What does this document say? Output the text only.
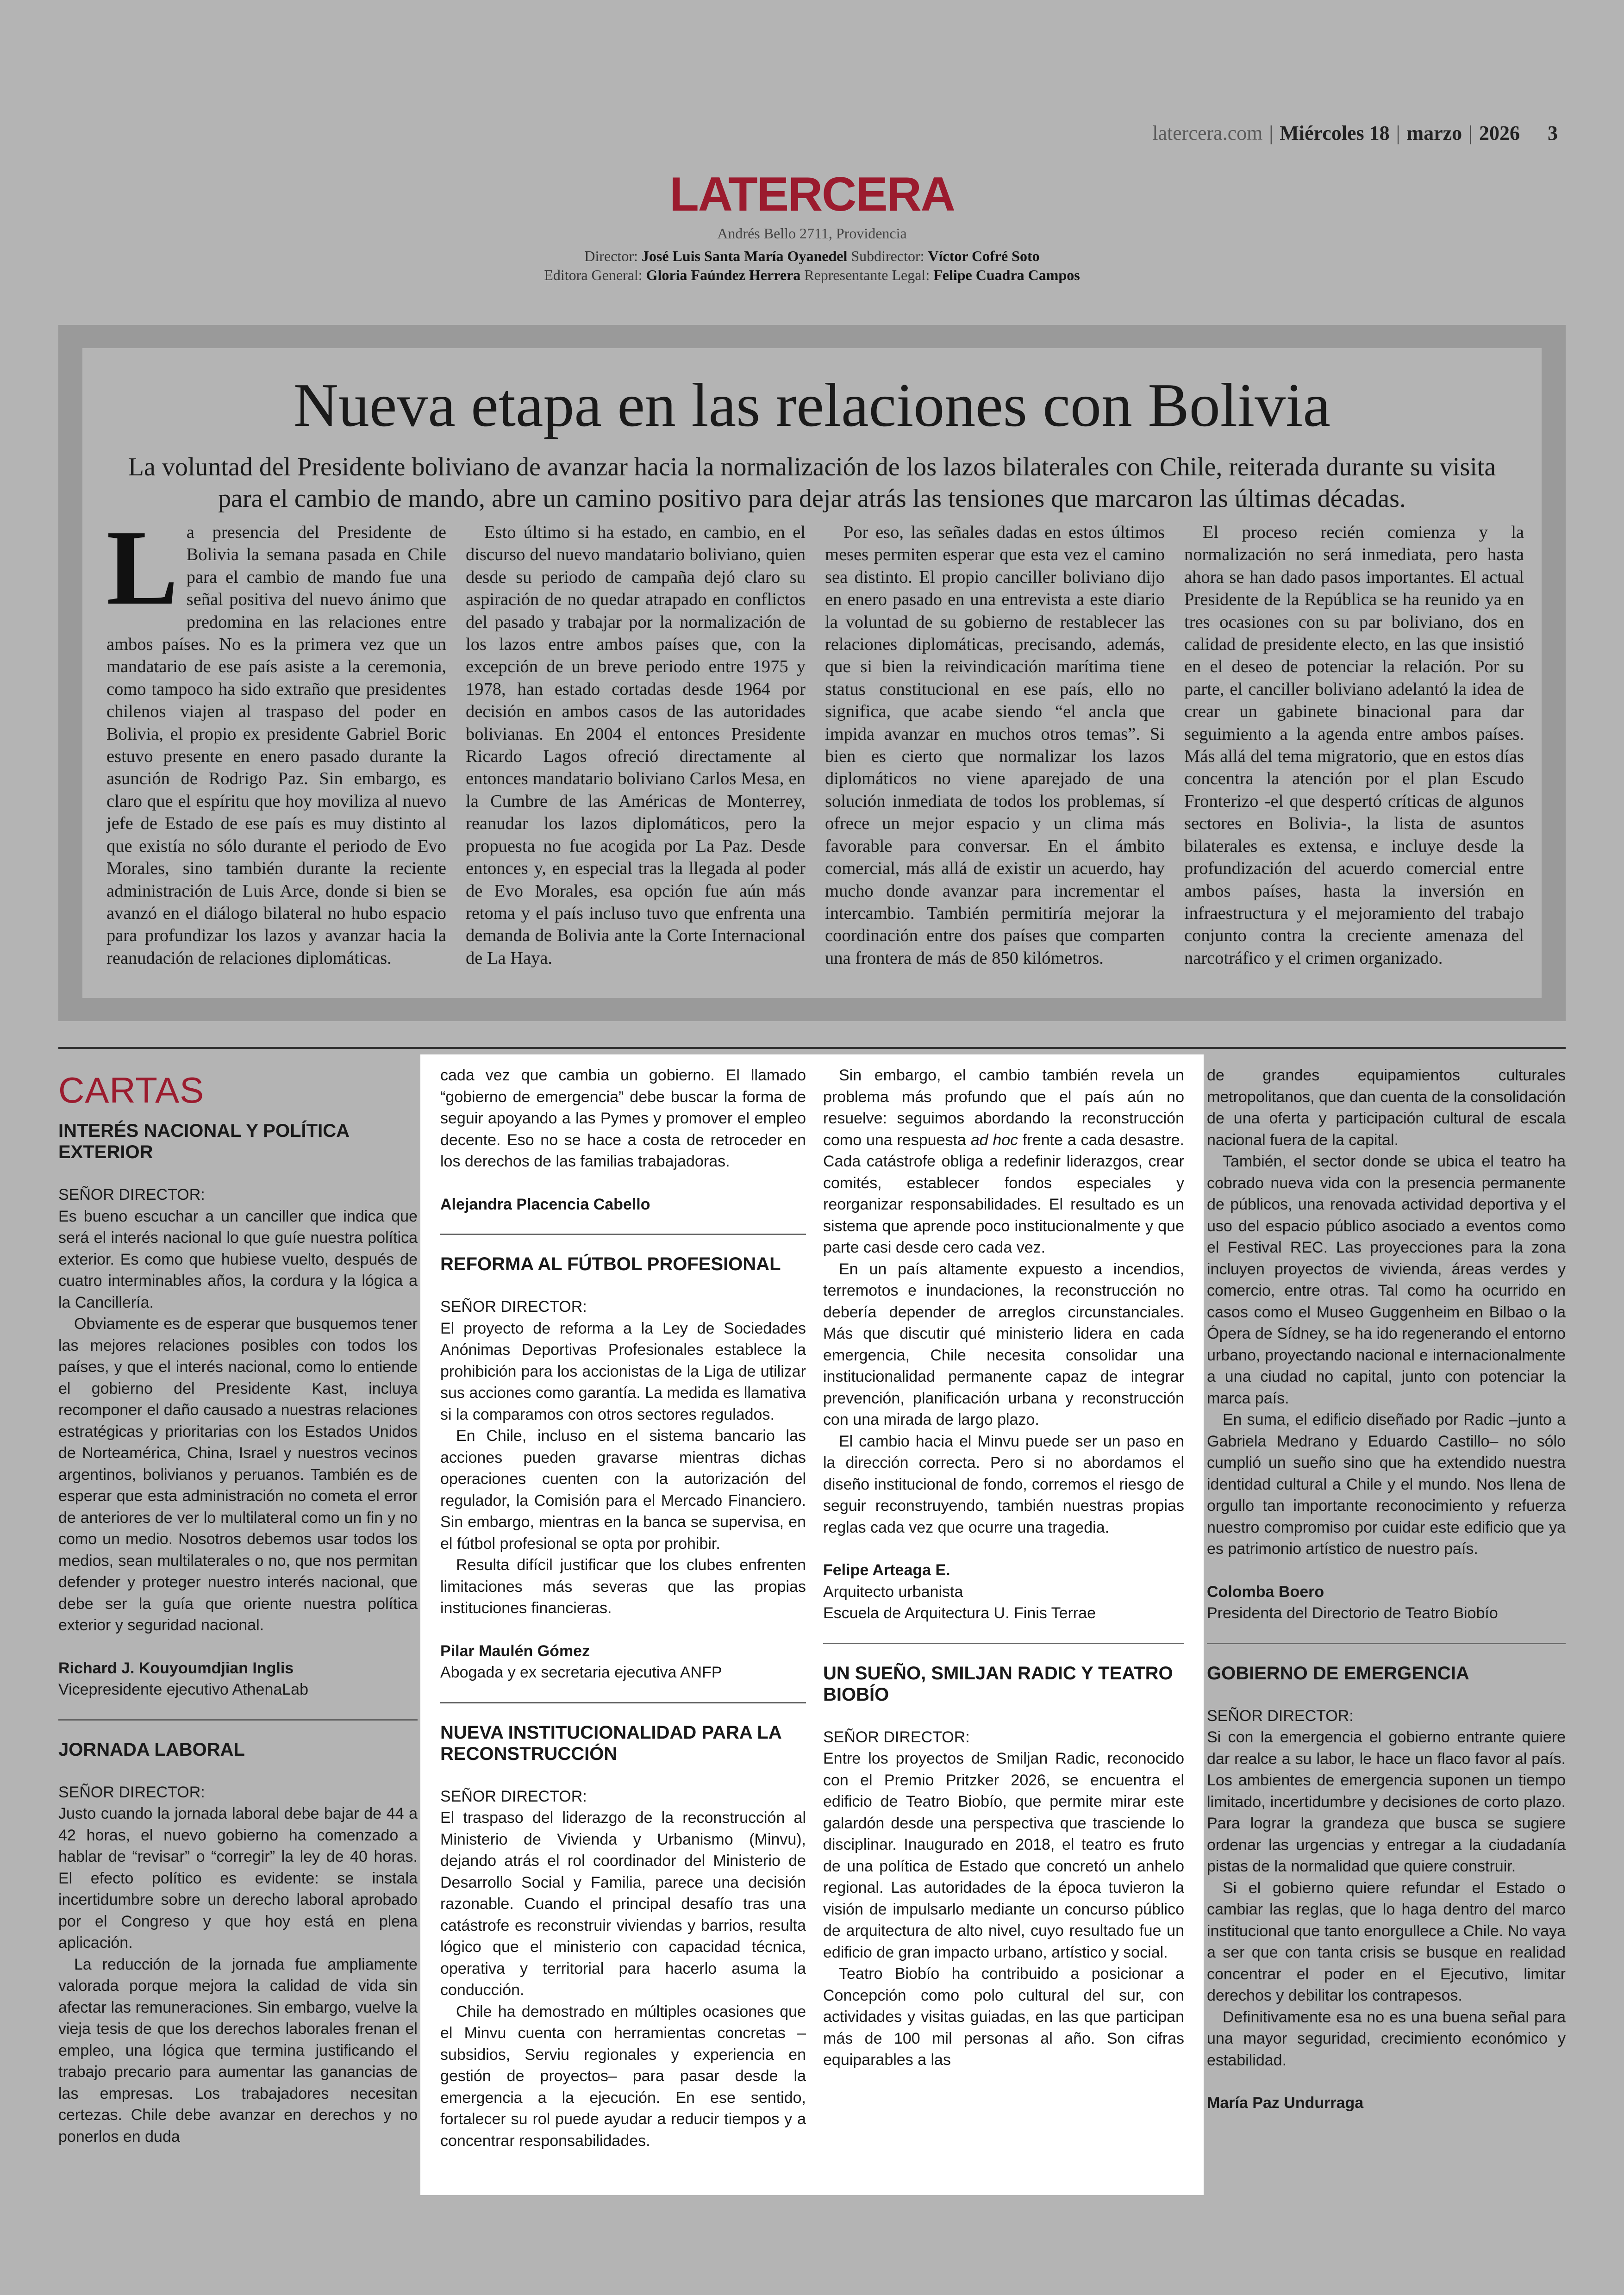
latercera.com | Miércoles 18 | marzo | 2026 3
LATERCERA
Andrés Bello 2711, Providencia
Director: José Luis Santa María Oyanedel Subdirector: Víctor Cofré Soto
Editora General: Gloria Faúndez Herrera Representante Legal: Felipe Cuadra Campos
Nueva etapa en las relaciones con Bolivia
La voluntad del Presidente boliviano de avanzar hacia la normalización de los lazos bilaterales con Chile, reiterada durante su visita para el cambio de mando, abre un camino positivo para dejar atrás las tensiones que marcaron las últimas décadas.

La presencia del Presidente de Bolivia la semana pasada en Chile para el cambio de mando fue una señal positiva del nuevo ánimo que predomina en las relaciones entre ambos países. No es la primera vez que un mandatario de ese país asiste a la ceremonia, como tampoco ha sido extraño que presidentes chilenos viajen al traspaso del poder en Bolivia, el propio ex presidente Gabriel Boric estuvo presente en enero pasado durante la asunción de Rodrigo Paz. Sin embargo, es claro que el espíritu que hoy moviliza al nuevo jefe de Estado de ese país es muy distinto al que existía no sólo durante el periodo de Evo Morales, sino también durante la reciente administración de Luis Arce, donde si bien se avanzó en el diálogo bilateral no hubo espacio para profundizar los lazos y avanzar hacia la reanudación de relaciones diplomáticas.

Esto último si ha estado, en cambio, en el discurso del nuevo mandatario boliviano, quien desde su periodo de campaña dejó claro su aspiración de no quedar atrapado en conflictos del pasado y trabajar por la normalización de los lazos entre ambos países que, con la excepción de un breve periodo entre 1975 y 1978, han estado cortadas desde 1964 por decisión en ambos casos de las autoridades bolivianas. En 2004 el entonces Presidente Ricardo Lagos ofreció directamente al entonces mandatario boliviano Carlos Mesa, en la Cumbre de las Américas de Monterrey, reanudar los lazos diplomáticos, pero la propuesta no fue acogida por La Paz. Desde entonces y, en especial tras la llegada al poder de Evo Morales, esa opción fue aún más retoma y el país incluso tuvo que enfrenta una demanda de Bolivia ante la Corte Internacional de La Haya.

Por eso, las señales dadas en estos últimos meses permiten esperar que esta vez el camino sea distinto. El propio canciller boliviano dijo en enero pasado en una entrevista a este diario la voluntad de su gobierno de restablecer las relaciones diplomáticas, precisando, además, que si bien la reivindicación marítima tiene status constitucional en ese país, ello no significa, que acabe siendo “el ancla que impida avanzar en muchos otros temas”. Si bien es cierto que normalizar los lazos diplomáticos no viene aparejado de una solución inmediata de todos los problemas, sí ofrece un mejor espacio y un clima más favorable para conversar. En el ámbito comercial, más allá de existir un acuerdo, hay mucho donde avanzar para incrementar el intercambio. También permitiría mejorar la coordinación entre dos países que comparten una frontera de más de 850 kilómetros.

El proceso recién comienza y la normalización no será inmediata, pero hasta ahora se han dado pasos importantes. El actual Presidente de la República se ha reunido ya en tres ocasiones con su par boliviano, dos en calidad de presidente electo, en las que insistió en el deseo de potenciar la relación. Por su parte, el canciller boliviano adelantó la idea de crear un gabinete binacional para dar seguimiento a la agenda entre ambos países. Más allá del tema migratorio, que en estos días concentra la atención por el plan Escudo Fronterizo -el que despertó críticas de algunos sectores en Bolivia-, la lista de asuntos bilaterales es extensa, e incluye desde la profundización del acuerdo comercial entre ambos países, hasta la inversión en infraestructura y el mejoramiento del trabajo conjunto contra la creciente amenaza del narcotráfico y el crimen organizado.

CARTAS

INTERÉS NACIONAL Y POLÍTICA EXTERIOR

SEÑOR DIRECTOR:

Es bueno escuchar a un canciller que indica que será el interés nacional lo que guíe nuestra política exterior. Es como que hubiese vuelto, después de cuatro interminables años, la cordura y la lógica a la Cancillería.

Obviamente es de esperar que busquemos tener las mejores relaciones posibles con todos los países, y que el interés nacional, como lo entiende el gobierno del Presidente Kast, incluya recomponer el daño causado a nuestras relaciones estratégicas y prioritarias con los Estados Unidos de Norteamérica, China, Israel y nuestros vecinos argentinos, bolivianos y peruanos. También es de esperar que esta administración no cometa el error de anteriores de ver lo multilateral como un fin y no como un medio. Nosotros debemos usar todos los medios, sean multilaterales o no, que nos permitan defender y proteger nuestro interés nacional, que debe ser la guía que oriente nuestra política exterior y seguridad nacional.

Richard J. Kouyoumdjian Inglis

Vicepresidente ejecutivo AthenaLab

JORNADA LABORAL

SEÑOR DIRECTOR:

Justo cuando la jornada laboral debe bajar de 44 a 42 horas, el nuevo gobierno ha comenzado a hablar de “revisar” o “corregir” la ley de 40 horas. El efecto político es evidente: se instala incertidumbre sobre un derecho laboral aprobado por el Congreso y que hoy está en plena aplicación.

La reducción de la jornada fue ampliamente valorada porque mejora la calidad de vida sin afectar las remuneraciones. Sin embargo, vuelve la vieja tesis de que los derechos laborales frenan el empleo, una lógica que termina justificando el trabajo precario para aumentar las ganancias de las empresas. Los trabajadores necesitan certezas. Chile debe avanzar en derechos y no ponerlos en duda

cada vez que cambia un gobierno. El llamado “gobierno de emergencia” debe buscar la forma de seguir apoyando a las Pymes y promover el empleo decente. Eso no se hace a costa de retroceder en los derechos de las familias trabajadoras.

Alejandra Placencia Cabello

REFORMA AL FÚTBOL PROFESIONAL

SEÑOR DIRECTOR:

El proyecto de reforma a la Ley de Sociedades Anónimas Deportivas Profesionales establece la prohibición para los accionistas de la Liga de utilizar sus acciones como garantía. La medida es llamativa si la comparamos con otros sectores regulados.

En Chile, incluso en el sistema bancario las acciones pueden gravarse mientras dichas operaciones cuenten con la autorización del regulador, la Comisión para el Mercado Financiero. Sin embargo, mientras en la banca se supervisa, en el fútbol profesional se opta por prohibir.

Resulta difícil justificar que los clubes enfrenten limitaciones más severas que las propias instituciones financieras.

Pilar Maulén Gómez

Abogada y ex secretaria ejecutiva ANFP

NUEVA INSTITUCIONALIDAD PARA LA RECONSTRUCCIÓN

SEÑOR DIRECTOR:

El traspaso del liderazgo de la reconstrucción al Ministerio de Vivienda y Urbanismo (Minvu), dejando atrás el rol coordinador del Ministerio de Desarrollo Social y Familia, parece una decisión razonable. Cuando el principal desafío tras una catástrofe es reconstruir viviendas y barrios, resulta lógico que el ministerio con capacidad técnica, operativa y territorial para hacerlo asuma la conducción.

Chile ha demostrado en múltiples ocasiones que el Minvu cuenta con herramientas concretas –subsidios, Serviu regionales y experiencia en gestión de proyectos– para pasar desde la emergencia a la ejecución. En ese sentido, fortalecer su rol puede ayudar a reducir tiempos y a concentrar responsabilidades.

Sin embargo, el cambio también revela un problema más profundo que el país aún no resuelve: seguimos abordando la reconstrucción como una respuesta ad hoc frente a cada desastre. Cada catástrofe obliga a redefinir liderazgos, crear comités, establecer fondos especiales y reorganizar responsabilidades. El resultado es un sistema que aprende poco institucionalmente y que parte casi desde cero cada vez.

En un país altamente expuesto a incendios, terremotos e inundaciones, la reconstrucción no debería depender de arreglos circunstanciales. Más que discutir qué ministerio lidera en cada emergencia, Chile necesita consolidar una institucionalidad permanente capaz de integrar prevención, planificación urbana y reconstrucción con una mirada de largo plazo.

El cambio hacia el Minvu puede ser un paso en la dirección correcta. Pero si no abordamos el diseño institucional de fondo, corremos el riesgo de seguir reconstruyendo, también nuestras propias reglas cada vez que ocurre una tragedia.

Felipe Arteaga E.

Arquitecto urbanista

Escuela de Arquitectura U. Finis Terrae

UN SUEÑO, SMILJAN RADIC Y TEATRO BIOBÍO

SEÑOR DIRECTOR:

Entre los proyectos de Smiljan Radic, reconocido con el Premio Pritzker 2026, se encuentra el edificio de Teatro Biobío, que permite mirar este galardón desde una perspectiva que trasciende lo disciplinar. Inaugurado en 2018, el teatro es fruto de una política de Estado que concretó un anhelo regional. Las autoridades de la época tuvieron la visión de impulsarlo mediante un concurso público de arquitectura de alto nivel, cuyo resultado fue un edificio de gran impacto urbano, artístico y social.

Teatro Biobío ha contribuido a posicionar a Concepción como polo cultural del sur, con actividades y visitas guiadas, en las que participan más de 100 mil personas al año. Son cifras equiparables a las

de grandes equipamientos culturales metropolitanos, que dan cuenta de la consolidación de una oferta y participación cultural de escala nacional fuera de la capital.

También, el sector donde se ubica el teatro ha cobrado nueva vida con la presencia permanente de públicos, una renovada actividad deportiva y el uso del espacio público asociado a eventos como el Festival REC. Las proyecciones para la zona incluyen proyectos de vivienda, áreas verdes y comercio, entre otras. Tal como ha ocurrido en casos como el Museo Guggenheim en Bilbao o la Ópera de Sídney, se ha ido regenerando el entorno urbano, proyectando nacional e internacionalmente a una ciudad no capital, junto con potenciar la marca país.

En suma, el edificio diseñado por Radic –junto a Gabriela Medrano y Eduardo Castillo– no sólo cumplió un sueño sino que ha extendido nuestra identidad cultural a Chile y el mundo. Nos llena de orgullo tan importante reconocimiento y refuerza nuestro compromiso por cuidar este edificio que ya es patrimonio artístico de nuestro país.

Colomba Boero

Presidenta del Directorio de Teatro Biobío

GOBIERNO DE EMERGENCIA

SEÑOR DIRECTOR:

Si con la emergencia el gobierno entrante quiere dar realce a su labor, le hace un flaco favor al país. Los ambientes de emergencia suponen un tiempo limitado, incertidumbre y decisiones de corto plazo. Para lograr la grandeza que busca se sugiere ordenar las urgencias y entregar a la ciudadanía pistas de la normalidad que quiere construir.

Si el gobierno quiere refundar el Estado o cambiar las reglas, que lo haga dentro del marco institucional que tanto enorgullece a Chile. No vaya a ser que con tanta crisis se busque en realidad concentrar el poder en el Ejecutivo, limitar derechos y debilitar los contrapesos.

Definitivamente esa no es una buena señal para una mayor seguridad, crecimiento económico y estabilidad.

María Paz Undurraga
